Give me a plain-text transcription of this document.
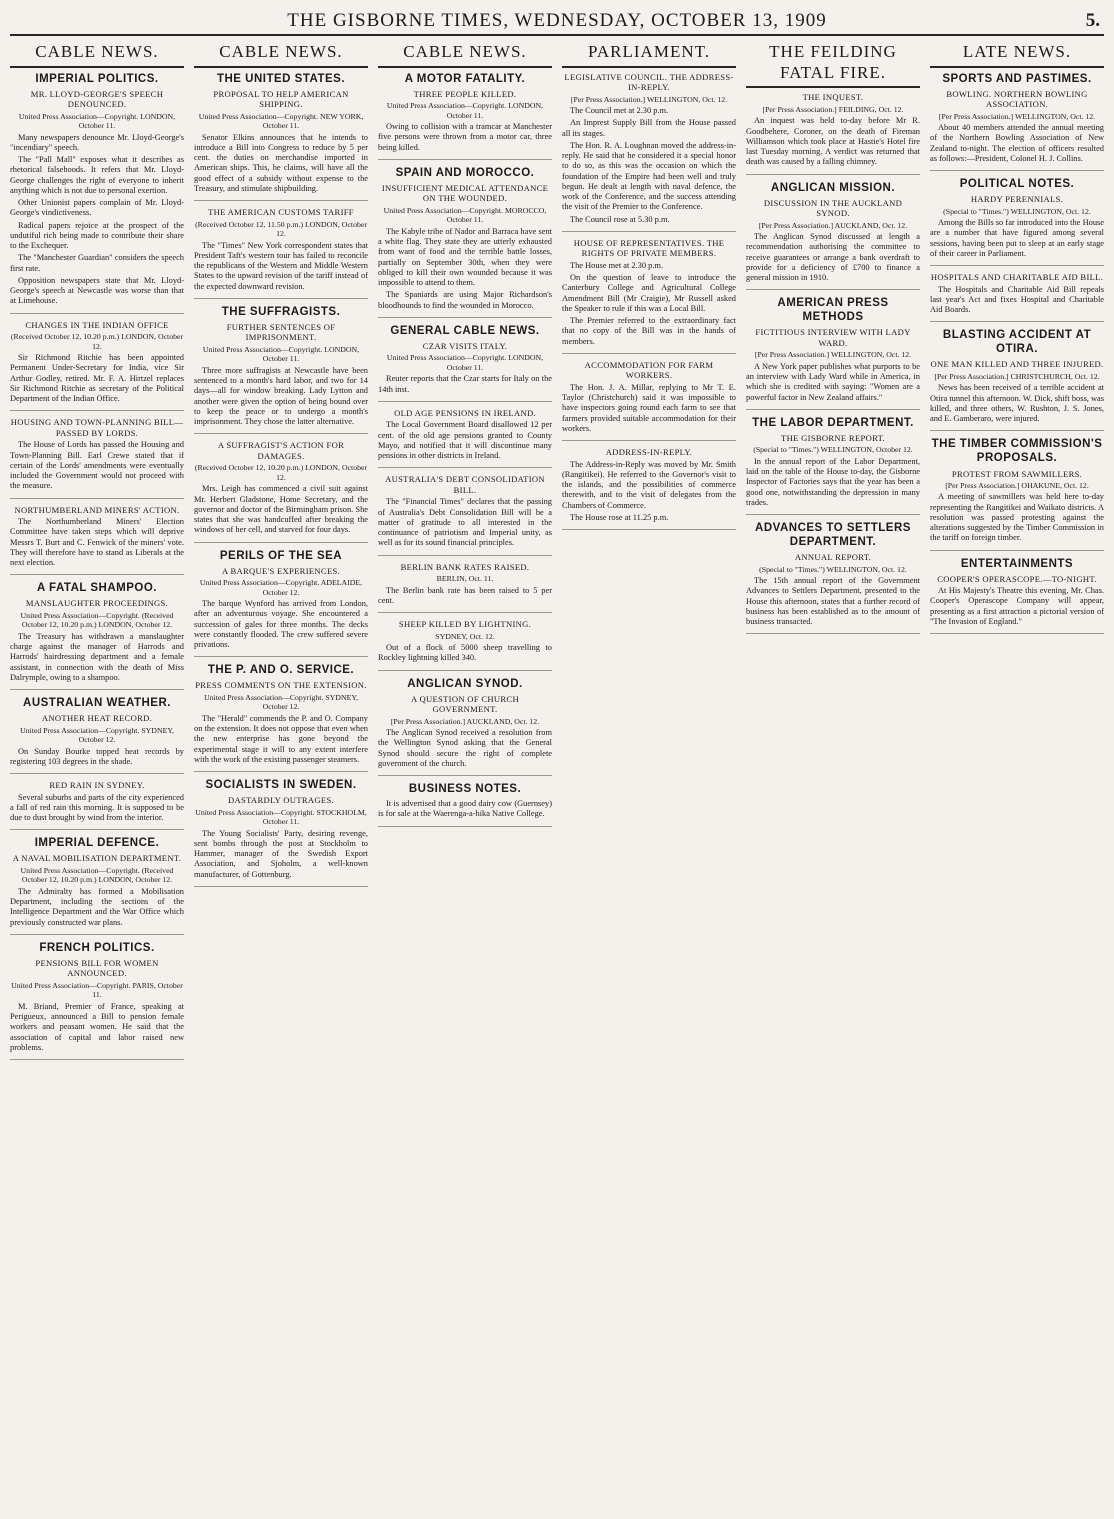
THE GISBORNE TIMES, WEDNESDAY, OCTOBER 13, 1909	5.
CABLE NEWS.
IMPERIAL POLITICS.
MR. LLOYD-GEORGE'S SPEECH DENOUNCED.
United Press Association—Copyright. LONDON, October 11.

Many newspapers denounce Mr. Lloyd-George's "incendiary" speech.

The "Pall Mall" exposes what it describes as rhetorical falsehoods. It refers that Mr. Lloyd-George challenges the right of everyone to inherit anything which is not due to personal exertion.

Other Unionist papers complain of Mr. Lloyd-George's vindictiveness.

Radical papers rejoice at the prospect of the undutiful rich being made to contribute their share to the Exchequer.

The "Manchester Guardian" considers the speech first rate.

Opposition newspapers state that Mr. Lloyd-George's speech at Newcastle was worse than that at Limehouse.

CHANGES IN THE INDIAN OFFICE
(Received October 12, 10.20 p.m.) LONDON, October 12.

Sir Richmond Ritchie has been appointed Permanent Under-Secretary for India, vice Sir Arthur Godley, retired. Mr. F. A. Hirtzel replaces Sir Richmond Ritchie as secretary of the Political Department of the Indian Office.

HOUSING AND TOWN-PLANNING BILL—PASSED BY LORDS.

The House of Lords has passed the Housing and Town-Planning Bill. Earl Crewe stated that if certain of the Lords' amendments were eventually included the Government would not proceed with the measure.

NORTHUMBERLAND MINERS' ACTION.

The Northumberland Miners' Election Committee have taken steps which will deprive Messrs T. Burt and C. Fenwick of the miners' vote. They will therefore have to stand as Liberals at the next election.

A FATAL SHAMPOO.
MANSLAUGHTER PROCEEDINGS.
United Press Association—Copyright. (Received October 12, 10.20 p.m.) LONDON, October 12.

The Treasury has withdrawn a manslaughter charge against the manager of Harrods and Harrods' hairdressing department and a female assistant, in connection with the death of Miss Dalrymple, owing to a shampoo.

AUSTRALIAN WEATHER.
ANOTHER HEAT RECORD.
United Press Association—Copyright. SYDNEY, October 12.

On Sunday Bourke topped heat records by registering 103 degrees in the shade.

RED RAIN IN SYDNEY.

Several suburbs and parts of the city experienced a fall of red rain this morning. It is supposed to be due to dust brought by wind from the interior.

IMPERIAL DEFENCE.
A NAVAL MOBILISATION DEPARTMENT.
United Press Association—Copyright. (Received October 12, 10.20 p.m.) LONDON, October 12.

The Admiralty has formed a Mobilisation Department, including the sections of the Intelligence Department and the War Office which previously constructed war plans.

FRENCH POLITICS.
PENSIONS BILL FOR WOMEN ANNOUNCED.
United Press Association—Copyright. PARIS, October 11.

M. Briand, Premier of France, speaking at Perigueux, announced a Bill to pension female workers and peasant women. He said that the association of capital and labor raised new problems.

CABLE NEWS.
THE UNITED STATES.
PROPOSAL TO HELP AMERICAN SHIPPING.
United Press Association—Copyright. NEW YORK, October 11.

Senator Elkins announces that he intends to introduce a Bill into Congress to reduce by 5 per cent. the duties on merchandise imported in American ships. This, he claims, will have all the good effect of a subsidy without expense to the Treasury, and stimulate shipbuilding.

THE AMERICAN CUSTOMS TARIFF
(Received October 12, 11.50 p.m.) LONDON, October 12.

The "Times" New York correspondent states that President Taft's western tour has failed to reconcile the republicans of the Western and Middle Western States to the upward revision of the tariff instead of the expected downward revision.

THE SUFFRAGISTS.
FURTHER SENTENCES OF IMPRISONMENT.
United Press Association—Copyright. LONDON, October 11.

Three more suffragists at Newcastle have been sentenced to a month's hard labor, and two for 14 days—all for window breaking. Lady Lytton and another were given the option of being bound over to keep the peace or to undergo a month's imprisonment. They chose the latter alternative.

A SUFFRAGIST'S ACTION FOR DAMAGES.
(Received October 12, 10.20 p.m.) LONDON, October 12.

Mrs. Leigh has commenced a civil suit against Mr. Herbert Gladstone, Home Secretary, and the governor and doctor of the Birmingham prison. She states that she was handcuffed after breaking the windows of her cell, and starved for four days.

PERILS OF THE SEA
A BARQUE'S EXPERIENCES.
United Press Association—Copyright. ADELAIDE, October 12.

The barque Wynford has arrived from London, after an adventurous voyage. She encountered a succession of gales for three months. The decks were constantly flooded. The crew suffered severe privations.

THE P. AND O. SERVICE.
PRESS COMMENTS ON THE EXTENSION.
United Press Association—Copyright. SYDNEY, October 12.

The "Herald" commends the P. and O. Company on the extension. It does not oppose that even when the new enterprise has gone beyond the experimental stage it will to any extent interfere with the work of the existing passenger steamers.

SOCIALISTS IN SWEDEN.
DASTARDLY OUTRAGES.
United Press Association—Copyright. STOCKHOLM, October 11.

The Young Socialists' Party, desiring revenge, sent bombs through the post at Stockholm to Hammer, manager of the Swedish Export Association, and Sjoholm, a well-known manufacturer, of Gottenburg.

CABLE NEWS.
A MOTOR FATALITY.
THREE PEOPLE KILLED.
United Press Association—Copyright. LONDON, October 11.

Owing to collision with a tramcar at Manchester five persons were thrown from a motor car, three being killed.

SPAIN AND MOROCCO.
INSUFFICIENT MEDICAL ATTENDANCE ON THE WOUNDED.
United Press Association—Copyright. MOROCCO, October 11.

The Kabyle tribe of Nador and Barraca have sent a white flag. They state they are utterly exhausted from want of food and the terrible battle losses, partially on September 30th, when they were obliged to kill their own wounded because it was impossible to attend to them.

The Spaniards are using Major Richardson's bloodhounds to find the wounded in Morocco.

GENERAL CABLE NEWS.
CZAR VISITS ITALY.
United Press Association—Copyright. LONDON, October 11.

Reuter reports that the Czar starts for Italy on the 14th inst.

OLD AGE PENSIONS IN IRELAND.

The Local Government Board disallowed 12 per cent. of the old age pensions granted to County Mayo, and notified that it will discontinue many pensions in other districts in Ireland.

AUSTRALIA'S DEBT CONSOLIDATION BILL.

The "Financial Times" declares that the passing of Australia's Debt Consolidation Bill will be a matter of gratitude to all interested in the continuance of patriotism and Imperial unity, as well as for its sound financial principles.

BERLIN BANK RATES RAISED.
BERLIN, Oct. 11.

The Berlin bank rate has been raised to 5 per cent.

SHEEP KILLED BY LIGHTNING.
SYDNEY, Oct. 12.

Out of a flock of 5000 sheep travelling to Rockley lightning killed 340.

ANGLICAN SYNOD.
A QUESTION OF CHURCH GOVERNMENT.
[Per Press Association.] AUCKLAND, Oct. 12.

The Anglican Synod received a resolution from the Wellington Synod asking that the General Synod should secure the right of complete government of the church.

BUSINESS NOTES.

It is advertised that a good dairy cow (Guernsey) is for sale at the Waerenga-a-hika Native College.

PARLIAMENT.
LEGISLATIVE COUNCIL. THE ADDRESS-IN-REPLY.
[Per Press Association.] WELLINGTON, Oct. 12.

The Council met at 2.30 p.m.

An Imprest Supply Bill from the House passed all its stages.

The Hon. R. A. Loughnan moved the address-in-reply. He said that he considered it a special honor to do so, as this was the occasion on which the foundation of the Empire had been well and truly begun. He dealt at length with naval defence, the work of the Conference, and the success attending the visit of the Premier to the Conference.

The Council rose at 5.30 p.m.

HOUSE OF REPRESENTATIVES. THE RIGHTS OF PRIVATE MEMBERS.

The House met at 2.30 p.m.

On the question of leave to introduce the Canterbury College and Agricultural College Amendment Bill (Mr Craigie), Mr Russell asked the Speaker to rule if this was a Local Bill.

The Premier referred to the extraordinary fact that no copy of the Bill was in the hands of members.

ACCOMMODATION FOR FARM WORKERS.

The Hon. J. A. Millar, replying to Mr T. E. Taylor (Christchurch) said it was impossible to have inspectors going round each farm to see that farmers provided suitable accommodation for their workers.

ADDRESS-IN-REPLY.

The Address-in-Reply was moved by Mr. Smith (Rangitikei). He referred to the Governor's visit to the islands, and the possibilities of commerce therewith, and to the visit of delegates from the Chambers of Commerce.

The House rose at 11.25 p.m.

THE FEILDING FATAL FIRE.
THE INQUEST.
[Per Press Association.] FEILDING, Oct. 12.

An inquest was held to-day before Mr R. Goodbehere, Coroner, on the death of Fireman Williamson which took place at Hastie's Hotel fire last Tuesday morning. A verdict was returned that death was caused by a falling chimney.

ANGLICAN MISSION.
DISCUSSION IN THE AUCKLAND SYNOD.
[Per Press Association.] AUCKLAND, Oct. 12.

The Anglican Synod discussed at length a recommendation authorising the committee to receive guarantees or arrange a bank overdraft to provide for a deficiency of £700 to finance a general mission in 1910.

AMERICAN PRESS METHODS
FICTITIOUS INTERVIEW WITH LADY WARD.
[Per Press Association.] WELLINGTON, Oct. 12.

A New York paper publishes what purports to be an interview with Lady Ward while in America, in which she is credited with saying: "Women are a powerful factor in New Zealand affairs."

THE LABOR DEPARTMENT.
THE GISBORNE REPORT.
(Special to "Times.") WELLINGTON, October 12.

In the annual report of the Labor Department, laid on the table of the House to-day, the Gisborne Inspector of Factories says that the year has been a good one, notwithstanding the depression in many trades.

ADVANCES TO SETTLERS DEPARTMENT.
ANNUAL REPORT.
(Special to "Times.") WELLINGTON, Oct. 12.

The 15th annual report of the Government Advances to Settlers Department, presented to the House this afternoon, states that a further record of business has been established as to the amount of business transacted.

LATE NEWS.
SPORTS AND PASTIMES.
BOWLING. NORTHERN BOWLING ASSOCIATION.
[Per Press Association.] WELLINGTON, Oct. 12.

About 40 members attended the annual meeting of the Northern Bowling Association of New Zealand to-night. The election of officers resulted as follows:—President, Colonel H. J. Collins.

POLITICAL NOTES.
HARDY PERENNIALS.
(Special to "Times.") WELLINGTON, Oct. 12.

Among the Bills so far introduced into the House are a number that have figured among several sessions, having been put to sleep at an early stage of their career in Parliament.

HOSPITALS AND CHARITABLE AID BILL.

The Hospitals and Charitable Aid Bill repeals last year's Act and fixes Hospital and Charitable Aid Boards.

BLASTING ACCIDENT AT OTIRA.
ONE MAN KILLED AND THREE INJURED.
[Per Press Association.] CHRISTCHURCH, Oct. 12.

News has been received of a terrible accident at Otira tunnel this afternoon. W. Dick, shift boss, was killed, and three others, W. Rushton, J. S. Jones, and E. Gamberaro, were injured.

THE TIMBER COMMISSION'S PROPOSALS.
PROTEST FROM SAWMILLERS.
[Per Press Association.] OHAKUNE, Oct. 12.

A meeting of sawmillers was held here to-day representing the Rangitikei and Waikato districts. A resolution was passed protesting against the alterations suggested by the Timber Commission in the tariff on foreign timber.

ENTERTAINMENTS
COOPER'S OPERASCOPE.—TO-NIGHT.

At His Majesty's Theatre this evening, Mr. Chas. Cooper's Operascope Company will appear, presenting as a first attraction a pictorial version of "The Invasion of England."
